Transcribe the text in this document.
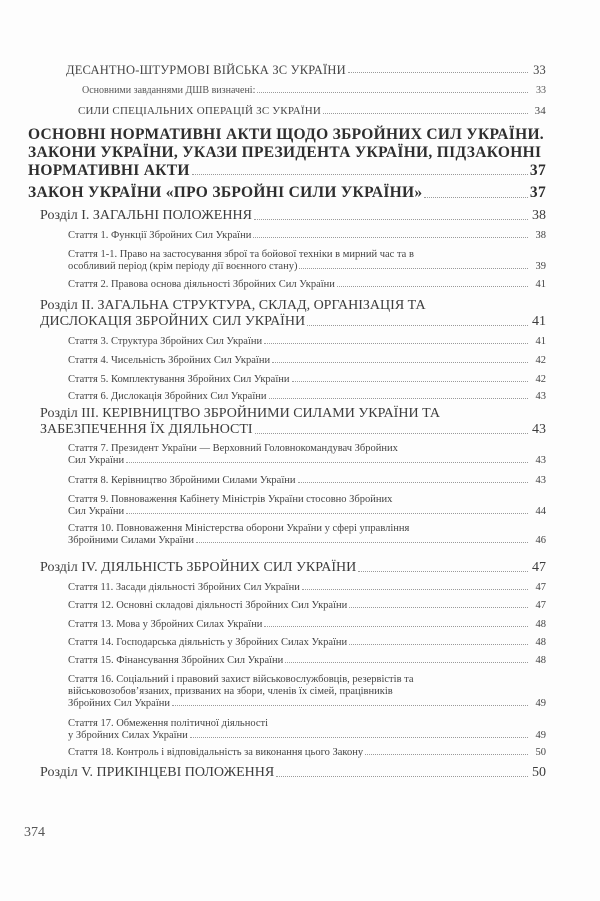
ДЕСАНТНО-ШТУРМОВІ ВІЙСЬКА ЗС УКРАЇНИ	33
Основними завданнями ДШВ визначені:	33
СИЛИ СПЕЦІАЛЬНИХ ОПЕРАЦІЙ ЗС УКРАЇНИ	34
ОСНОВНІ НОРМАТИВНІ АКТИ ЩОДО ЗБРОЙНИХ СИЛ УКРАЇНИ.
ЗАКОНИ УКРАЇНИ, УКАЗИ ПРЕЗИДЕНТА УКРАЇНИ, ПІДЗАКОННІ
НОРМАТИВНІ АКТИ	37
ЗАКОН УКРАЇНИ «ПРО ЗБРОЙНІ СИЛИ УКРАЇНИ»	37
Розділ I. ЗАГАЛЬНІ ПОЛОЖЕННЯ	38
Стаття 1. Функції Збройних Сил України	38
Стаття 1-1. Право на застосування зброї та бойової техніки в мирний час та в
особливий період (крім періоду дії воєнного стану)	39
Стаття 2. Правова основа діяльності Збройних Сил України	41
Розділ II. ЗАГАЛЬНА СТРУКТУРА, СКЛАД, ОРГАНІЗАЦІЯ ТА
ДИСЛОКАЦІЯ ЗБРОЙНИХ СИЛ УКРАЇНИ	41
Стаття 3. Структура Збройних Сил України	41
Стаття 4. Чисельність Збройних Сил України	42
Стаття 5. Комплектування Збройних Сил України	42
Стаття 6. Дислокація Збройних Сил України	43
Розділ III. КЕРІВНИЦТВО ЗБРОЙНИМИ СИЛАМИ УКРАЇНИ ТА
ЗАБЕЗПЕЧЕННЯ ЇХ ДІЯЛЬНОСТІ	43
Стаття 7. Президент України — Верховний Головнокомандувач Збройних
Сил України	43
Стаття 8. Керівництво Збройними Силами України	43
Стаття 9. Повноваження Кабінету Міністрів України стосовно Збройних
Сил України	44
Стаття 10. Повноваження Міністерства оборони України у сфері управління
Збройними Силами України	46
Розділ IV. ДІЯЛЬНІСТЬ ЗБРОЙНИХ СИЛ УКРАЇНИ	47
Стаття 11. Засади діяльності Збройних Сил України	47
Стаття 12. Основні складові діяльності Збройних Сил України	47
Стаття 13. Мова у Збройних Силах України	48
Стаття 14. Господарська діяльність у Збройних Силах України	48
Стаття 15. Фінансування Збройних Сил України	48
Стаття 16. Соціальний і правовий захист військовослужбовців, резервістів та
військовозобов’язаних, призваних на збори, членів їх сімей, працівників
Збройних Сил України	49
Стаття 17. Обмеження політичної діяльності
у Збройних Силах України	49
Стаття 18. Контроль і відповідальність за виконання цього Закону	50
Розділ V. ПРИКІНЦЕВІ ПОЛОЖЕННЯ	50
374
